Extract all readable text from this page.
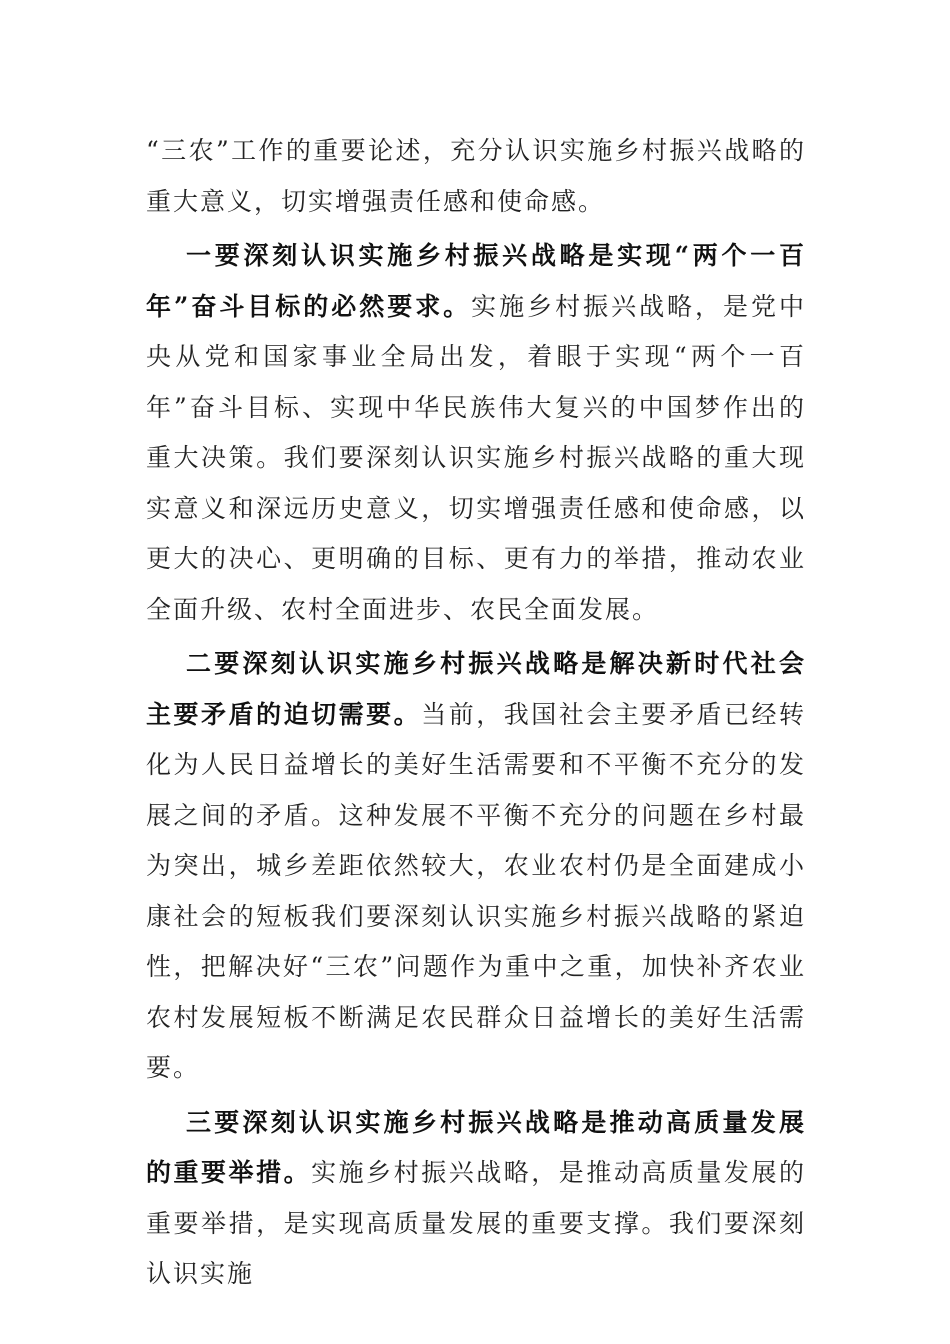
“三农”工作的重要论述，充分认识实施乡村振兴战略的重大意义，切实增强责任感和使命感。

一要深刻认识实施乡村振兴战略是实现“两个一百年”奋斗目标的必然要求。实施乡村振兴战略，是党中央从党和国家事业全局出发，着眼于实现“两个一百年”奋斗目标、实现中华民族伟大复兴的中国梦作出的重大决策。我们要深刻认识实施乡村振兴战略的重大现实意义和深远历史意义，切实增强责任感和使命感，以更大的决心、更明确的目标、更有力的举措，推动农业全面升级、农村全面进步、农民全面发展。

二要深刻认识实施乡村振兴战略是解决新时代社会主要矛盾的迫切需要。当前，我国社会主要矛盾已经转化为人民日益增长的美好生活需要和不平衡不充分的发展之间的矛盾。这种发展不平衡不充分的问题在乡村最为突出，城乡差距依然较大，农业农村仍是全面建成小康社会的短板我们要深刻认识实施乡村振兴战略的紧迫性，把解决好“三农”问题作为重中之重，加快补齐农业农村发展短板不断满足农民群众日益增长的美好生活需要。

三要深刻认识实施乡村振兴战略是推动高质量发展的重要举措。实施乡村振兴战略，是推动高质量发展的重要举措，是实现高质量发展的重要支撑。我们要深刻认识实施
